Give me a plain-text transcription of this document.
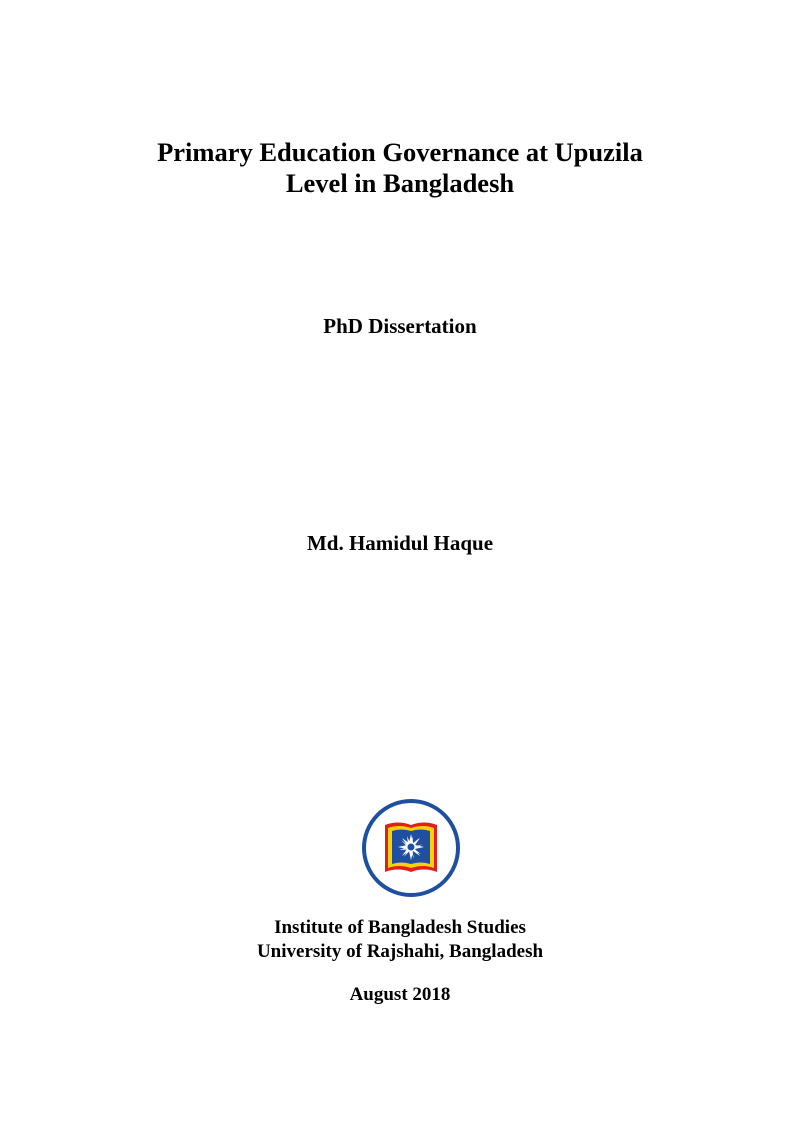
Primary Education Governance at Upuzila
Level in Bangladesh
PhD Dissertation
Md. Hamidul Haque
Institute of Bangladesh Studies
University of Rajshahi, Bangladesh
August 2018
